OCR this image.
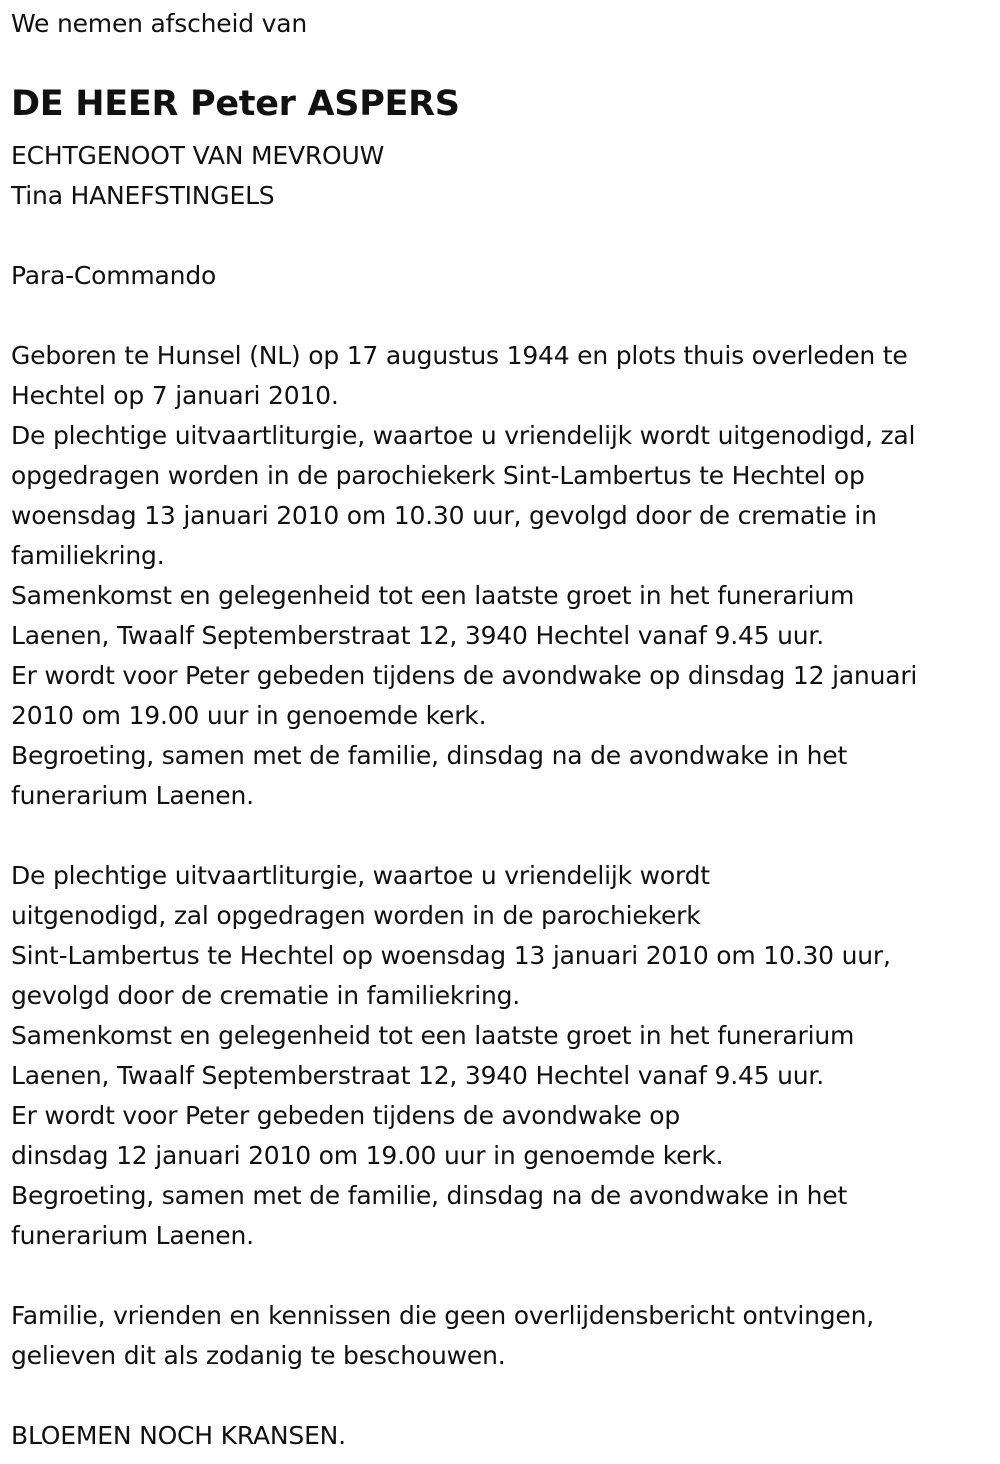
We nemen afscheid van

DE HEER Peter ASPERS

ECHTGENOOT VAN MEVROUW

Tina HANEFSTINGELS

Para-Commando

Geboren te Hunsel (NL) op 17 augustus 1944 en plots thuis overleden te

Hechtel op 7 januari 2010.

De plechtige uitvaartliturgie, waartoe u vriendelijk wordt uitgenodigd, zal

opgedragen worden in de parochiekerk Sint-Lambertus te Hechtel op

woensdag 13 januari 2010 om 10.30 uur, gevolgd door de crematie in

familiekring.

Samenkomst en gelegenheid tot een laatste groet in het funerarium

Laenen, Twaalf Septemberstraat 12, 3940 Hechtel vanaf 9.45 uur.

Er wordt voor Peter gebeden tijdens de avondwake op dinsdag 12 januari

2010 om 19.00 uur in genoemde kerk.

Begroeting, samen met de familie, dinsdag na de avondwake in het

funerarium Laenen.

De plechtige uitvaartliturgie, waartoe u vriendelijk wordt

uitgenodigd, zal opgedragen worden in de parochiekerk

Sint-Lambertus te Hechtel op woensdag 13 januari 2010 om 10.30 uur,

gevolgd door de crematie in familiekring.

Samenkomst en gelegenheid tot een laatste groet in het funerarium

Laenen, Twaalf Septemberstraat 12, 3940 Hechtel vanaf 9.45 uur.

Er wordt voor Peter gebeden tijdens de avondwake op

dinsdag 12 januari 2010 om 19.00 uur in genoemde kerk.

Begroeting, samen met de familie, dinsdag na de avondwake in het

funerarium Laenen.

Familie, vrienden en kennissen die geen overlijdensbericht ontvingen,

gelieven dit als zodanig te beschouwen.

BLOEMEN NOCH KRANSEN.
